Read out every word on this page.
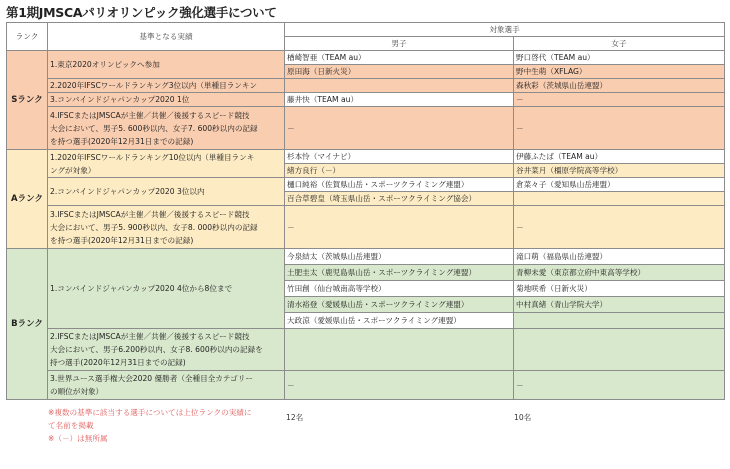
第1期JMSCAパリオリンピック強化選手について
ランク	基準となる実績	対象選手	
		男子	女子
Sランク	1.東京2020オリンピックへ参加	楢崎智亜（TEAM au）	野口啓代（TEAM au）
		原田海（日新火災）	野中生萌（XFLAG）
	2.2020年IFSCワールドランキング3位以内（単種目ランキン		森秋彩（茨城県山岳連盟）
	3.コンバインドジャパンカップ2020 1位	藤井快（TEAM au）	－

	4.IFSCまたはJMSCAが主催／共催／後援するスピード競技
大会において、男子5. 600秒以内、女子7. 600秒以内の記録
を持つ選手(2020年12月31日までの記録)	－	－

Aランク	1.2020年IFSCワールドランキング10位以内（単種目ランキ
ングが対象）	杉本怜（マイナビ）	伊藤ふたば（TEAM au）
		緒方良行（－）	谷井菜月（橿原学院高等学校）
	2.コンバインドジャパンカップ2020 3位以内	樋口純裕（佐賀県山岳・スポーツクライミング連盟）	倉菜々子（愛知県山岳連盟）
		百合草碧皇（埼玉県山岳・スポーツクライミング協会）	

	3.IFSCまたはJMSCAが主催／共催／後援するスピード競技
大会において、男子5. 900秒以内、女子8. 000秒以内の記録
を持つ選手(2020年12月31日までの記録)	－	－

Bランク	1.コンバインドジャパンカップ2020 4位から8位まで	今泉結太（茨城県山岳連盟）	滝口萌（福島県山岳連盟）
		土肥圭太（鹿児島県山岳・スポーツクライミング連盟）	青柳未愛（東京都立府中東高等学校）
		竹田創（仙台城南高等学校）	菊地咲希（日新火災）
		清水裕登（愛媛県山岳・スポーツクライミング連盟）	中村真緒（青山学院大学）
		大政涼（愛媛県山岳・スポーツクライミング連盟）	

	2.IFSCまたはJMSCAが主催／共催／後援するスピード競技
大会において、男子6.200秒以内、女子8. 600秒以内の記録を
持つ選手(2020年12月31日までの記録)		

	3.世界ユース選手権大会2020 優勝者（全種目全カテゴリー
の順位が対象）	－	－

※複数の基準に該当する選手については上位ランクの実績に
て名前を掲載
※（－）は無所属
12名	10名
